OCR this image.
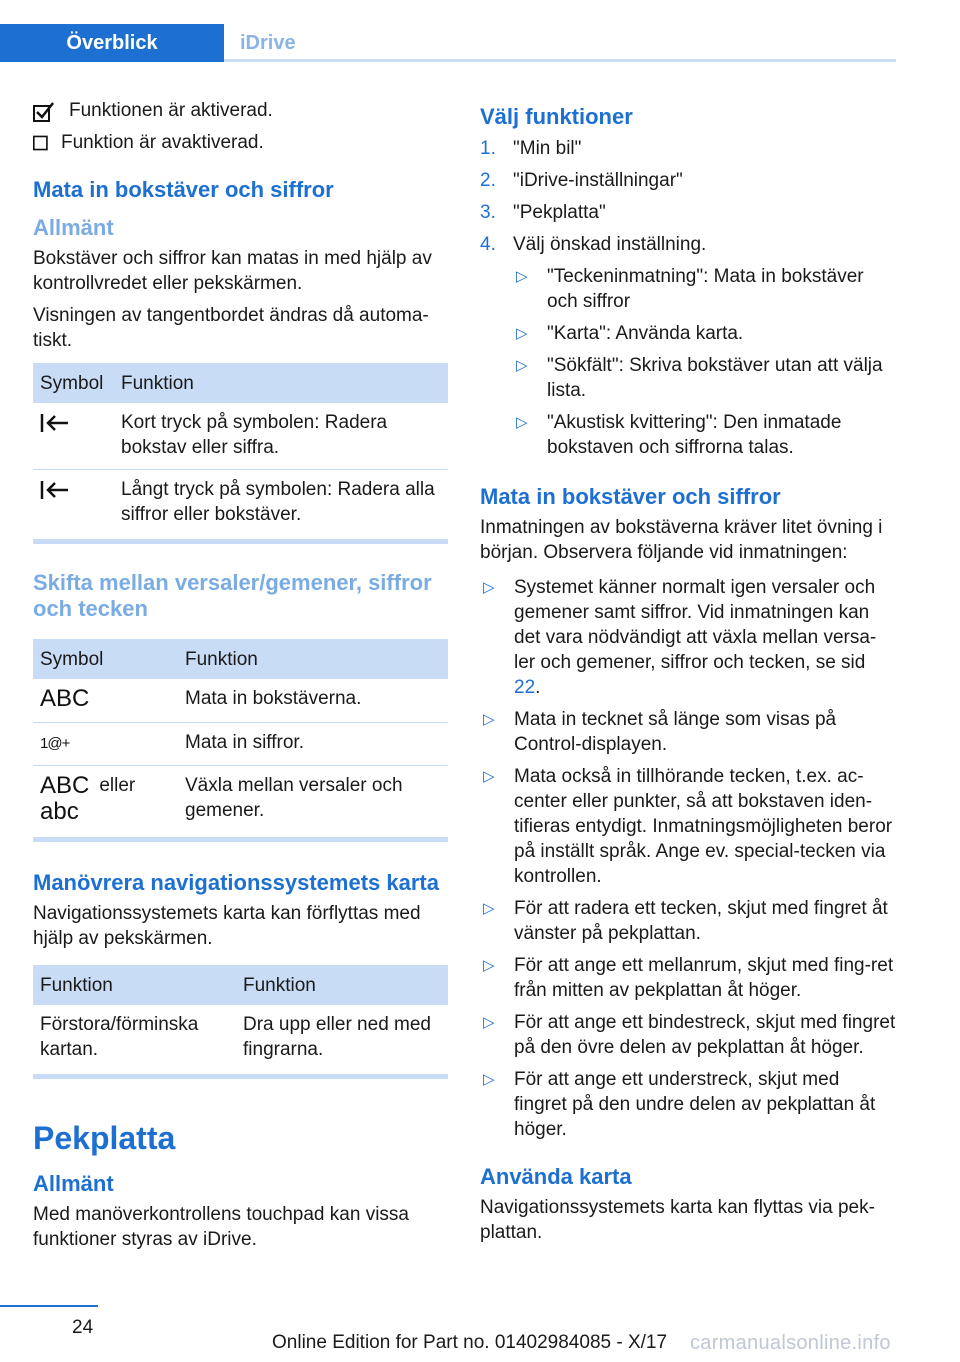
Överblick	iDrive
Funktionen är aktiverad.
Funktion är avaktiverad.
Mata in bokstäver och siffror
Allmänt
Bokstäver och siffror kan matas in med hjälp av kontrollvredet eller pekskärmen.
Visningen av tangentbordet ändras då automa-tiskt.
Symbol	Funktion
	Kort tryck på symbolen: Radera bokstav eller siffra.
	Långt tryck på symbolen: Radera alla siffror eller bokstäver.
Skifta mellan versaler/gemener, siffror och tecken
Symbol	Funktion
ABC	Mata in bokstäverna.
1@+	Mata in siffror.

ABC eller
abc	Växla mellan versaler och gemener.
Manövrera navigationssystemets karta
Navigationssystemets karta kan förflyttas med hjälp av pekskärmen.
Funktion	Funktion
Förstora/förminska kartan.	Dra upp eller ned med fingrarna.
Pekplatta
Allmänt
Med manöverkontrollens touchpad kan vissa funktioner styras av iDrive.
Välj funktioner
1. "Min bil"
2. "iDrive-inställningar"
3. "Pekplatta"
4. Välj önskad inställning.
▷	"Teckeninmatning": Mata in bokstäver och siffror
▷	"Karta": Använda karta.
▷	"Sökfält": Skriva bokstäver utan att välja lista.
▷	"Akustisk kvittering": Den inmatade bokstaven och siffrorna talas.
Mata in bokstäver och siffror
Inmatningen av bokstäverna kräver litet övning i början. Observera följande vid inmatningen:
▷	Systemet känner normalt igen versaler och gemener samt siffror. Vid inmatningen kan det vara nödvändigt att växla mellan versa-ler och gemener, siffror och tecken, se sid 22.
▷	Mata in tecknet så länge som visas på Control-displayen.
▷	Mata också in tillhörande tecken, t.ex. ac-center eller punkter, så att bokstaven iden-tifieras entydigt. Inmatningsmöjligheten beror på inställt språk. Ange ev. special-tecken via kontrollen.
▷	För att radera ett tecken, skjut med fingret åt vänster på pekplattan.
▷	För att ange ett mellanrum, skjut med fing-ret från mitten av pekplattan åt höger.
▷	För att ange ett bindestreck, skjut med fingret på den övre delen av pekplattan åt höger.
▷	För att ange ett understreck, skjut med fingret på den undre delen av pekplattan åt höger.
Använda karta
Navigationssystemets karta kan flyttas via pek-plattan.
24
Online Edition for Part no. 01402984085 - X/17 carmanualsonline.info
